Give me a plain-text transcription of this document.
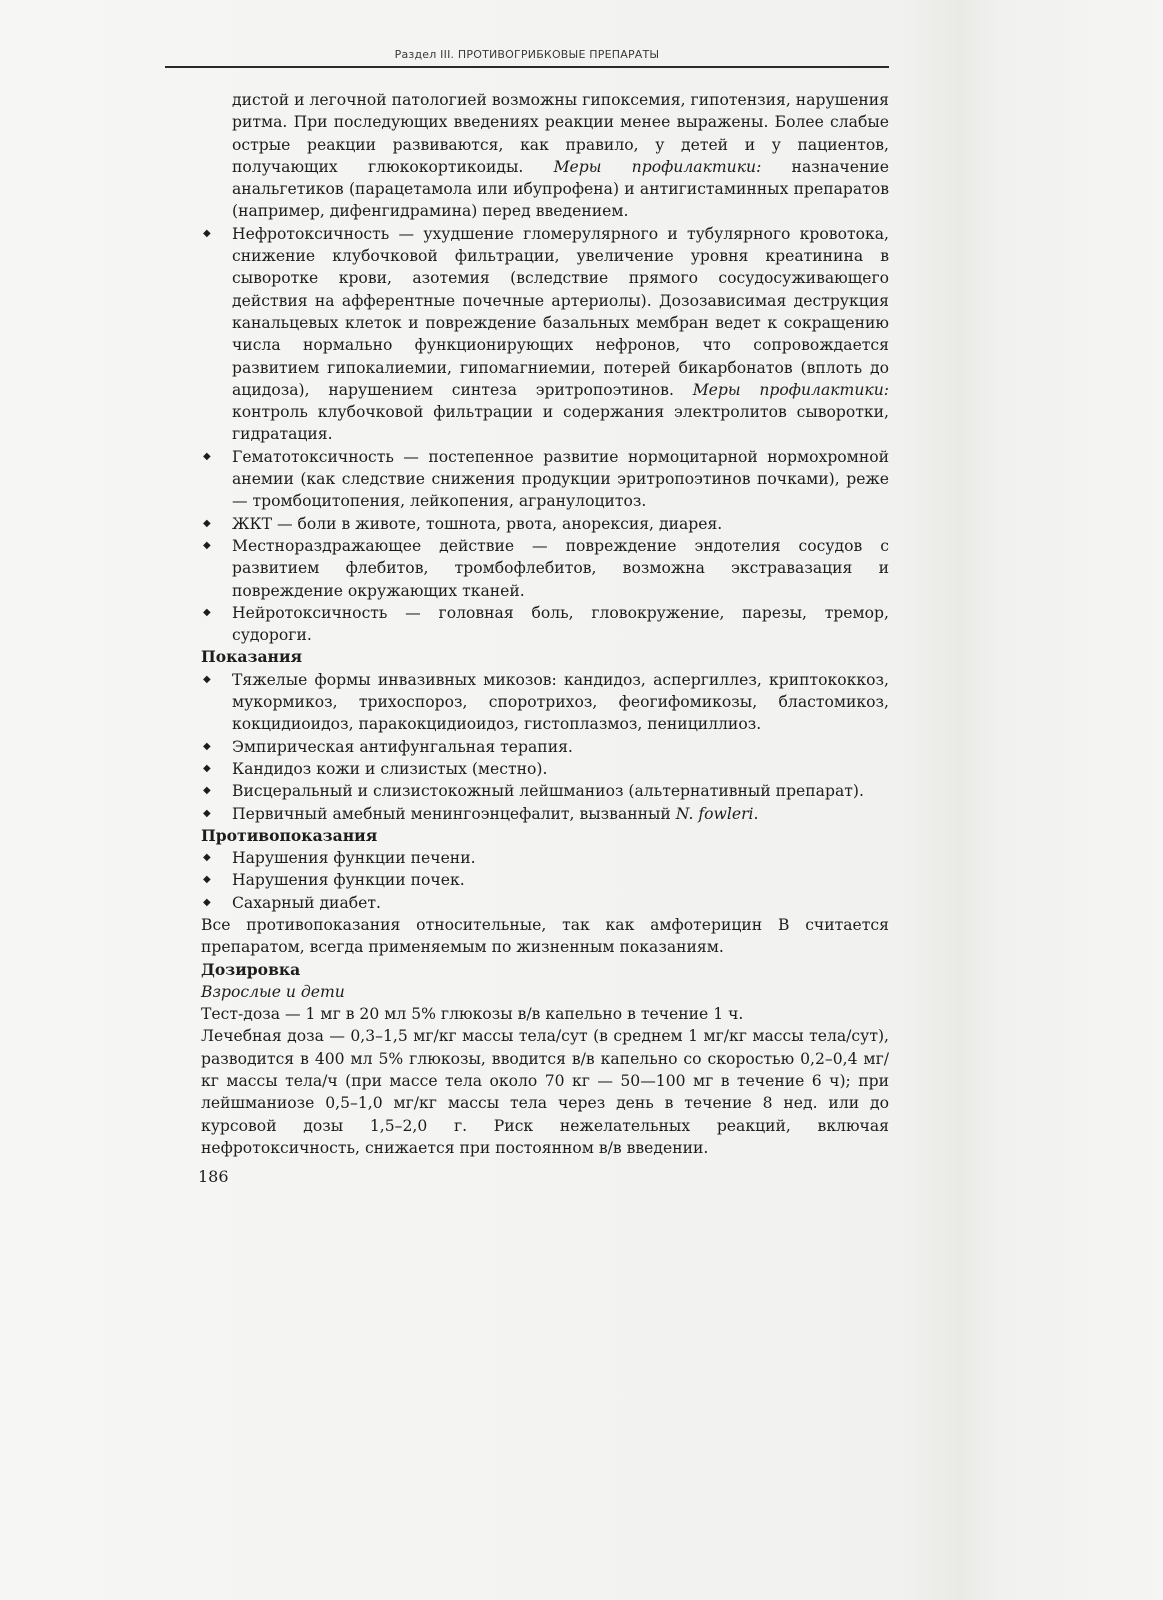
Раздел III. ПРОТИВОГРИБКОВЫЕ ПРЕПАРАТЫ
дистой и легочной патологией возможны гипоксемия, гипотензия, нарушения ритма. При последующих введениях реакции менее выражены. Более слабые острые реакции развиваются, как правило, у детей и у пациентов, получающих глюкокортикоиды. Меры профилактики: назначение анальгетиков (парацетамола или ибупрофена) и антигистаминных препаратов (например, дифенгидрамина) перед введением.
◆ Нефротоксичность — ухудшение гломерулярного и тубулярного кровотока, снижение клубочковой фильтрации, увеличение уровня креатинина в сыворотке крови, азотемия (вследствие прямого сосудосуживающего действия на афферентные почечные артериолы). Дозозависимая деструкция канальцевых клеток и повреждение базальных мембран ведет к сокращению числа нормально функционирующих нефронов, что сопровождается развитием гипокалиемии, гипомагниемии, потерей бикарбонатов (вплоть до ацидоза), нарушением синтеза эритропоэтинов. Меры профилактики: контроль клубочковой фильтрации и содержания электролитов сыворотки, гидратация.
◆ Гематотоксичность — постепенное развитие нормоцитарной нормохромной анемии (как следствие снижения продукции эритропоэтинов почками), реже — тромбоцитопения, лейкопения, агранулоцитоз.
◆ ЖКТ — боли в животе, тошнота, рвота, анорексия, диарея.
◆ Местнораздражающее действие — повреждение эндотелия сосудов с развитием флебитов, тромбофлебитов, возможна экстравазация и повреждение окружающих тканей.
◆ Нейротоксичность — головная боль, гловокружение, парезы, тремор, судороги.
Показания
◆ Тяжелые формы инвазивных микозов: кандидоз, аспергиллез, криптококкоз, мукормикоз, трихоспороз, споротрихоз, феогифомикозы, бластомикоз, кокцидиоидоз, паракокцидиоидоз, гистоплазмоз, пенициллиоз.
◆ Эмпирическая антифунгальная терапия.
◆ Кандидоз кожи и слизистых (местно).
◆ Висцеральный и слизистокожный лейшманиоз (альтернативный препарат).
◆ Первичный амебный менингоэнцефалит, вызванный N. fowleri.
Противопоказания
◆ Нарушения функции печени.
◆ Нарушения функции почек.
◆ Сахарный диабет.
Все противопоказания относительные, так как амфотерицин В считается препаратом, всегда применяемым по жизненным показаниям.
Дозировка
Взрослые и дети
Тест-доза — 1 мг в 20 мл 5% глюкозы в/в капельно в течение 1 ч.
Лечебная доза — 0,3–1,5 мг/кг массы тела/сут (в среднем 1 мг/кг массы тела/сут), разводится в 400 мл 5% глюкозы, вводится в/в капельно со скоростью 0,2–0,4 мг/кг массы тела/ч (при массе тела около 70 кг — 50—100 мг в течение 6 ч); при лейшманиозе 0,5–1,0 мг/кг массы тела через день в течение 8 нед. или до курсовой дозы 1,5–2,0 г. Риск нежелательных реакций, включая нефротоксичность, снижается при постоянном в/в введении.
186
